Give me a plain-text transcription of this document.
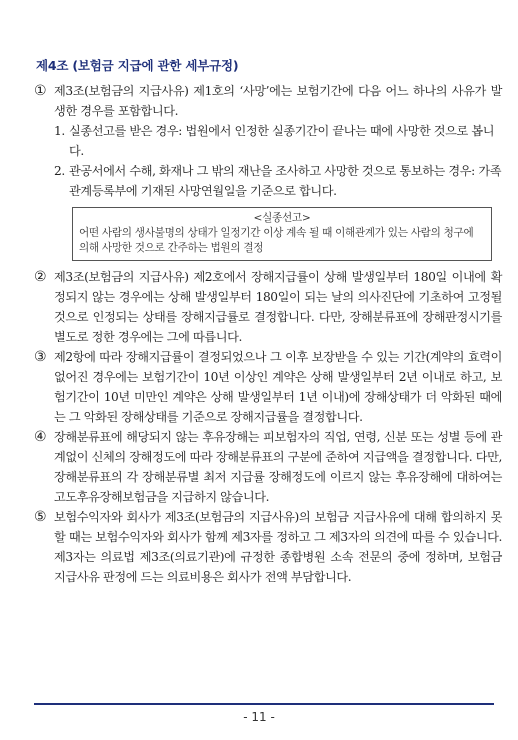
제4조 (보험금 지급에 관한 세부규정)
① 제3조(보험금의 지급사유) 제1호의 ‘사망’에는 보험기간에 다음 어느 하나의 사유가 발생한 경우를 포함합니다.
1. 실종선고를 받은 경우: 법원에서 인정한 실종기간이 끝나는 때에 사망한 것으로 봅니다.
2. 관공서에서 수해, 화재나 그 밖의 재난을 조사하고 사망한 것으로 통보하는 경우: 가족관계등록부에 기재된 사망연월일을 기준으로 합니다.
<실종선고>
어떤 사람의 생사불명의 상태가 일정기간 이상 계속 될 때 이해관계가 있는 사람의 청구에 의해 사망한 것으로 간주하는 법원의 결정
② 제3조(보험금의 지급사유) 제2호에서 장해지급률이 상해 발생일부터 180일 이내에 확정되지 않는 경우에는 상해 발생일부터 180일이 되는 날의 의사진단에 기초하여 고정될 것으로 인정되는 상태를 장해지급률로 결정합니다. 다만, 장해분류표에 장해판정시기를 별도로 정한 경우에는 그에 따릅니다.
③ 제2항에 따라 장해지급률이 결정되었으나 그 이후 보장받을 수 있는 기간(계약의 효력이 없어진 경우에는 보험기간이 10년 이상인 계약은 상해 발생일부터 2년 이내로 하고, 보험기간이 10년 미만인 계약은 상해 발생일부터 1년 이내)에 장해상태가 더 악화된 때에는 그 악화된 장해상태를 기준으로 장해지급률을 결정합니다.
④ 장해분류표에 해당되지 않는 후유장해는 피보험자의 직업, 연령, 신분 또는 성별 등에 관계없이 신체의 장해정도에 따라 장해분류표의 구분에 준하여 지급액을 결정합니다. 다만, 장해분류표의 각 장해분류별 최저 지급률 장해정도에 이르지 않는 후유장해에 대하여는 고도후유장해보험금을 지급하지 않습니다.
⑤ 보험수익자와 회사가 제3조(보험금의 지급사유)의 보험금 지급사유에 대해 합의하지 못할 때는 보험수익자와 회사가 함께 제3자를 정하고 그 제3자의 의견에 따를 수 있습니다. 제3자는 의료법 제3조(의료기관)에 규정한 종합병원 소속 전문의 중에 정하며, 보험금 지급사유 판정에 드는 의료비용은 회사가 전액 부담합니다.
- 11 -
